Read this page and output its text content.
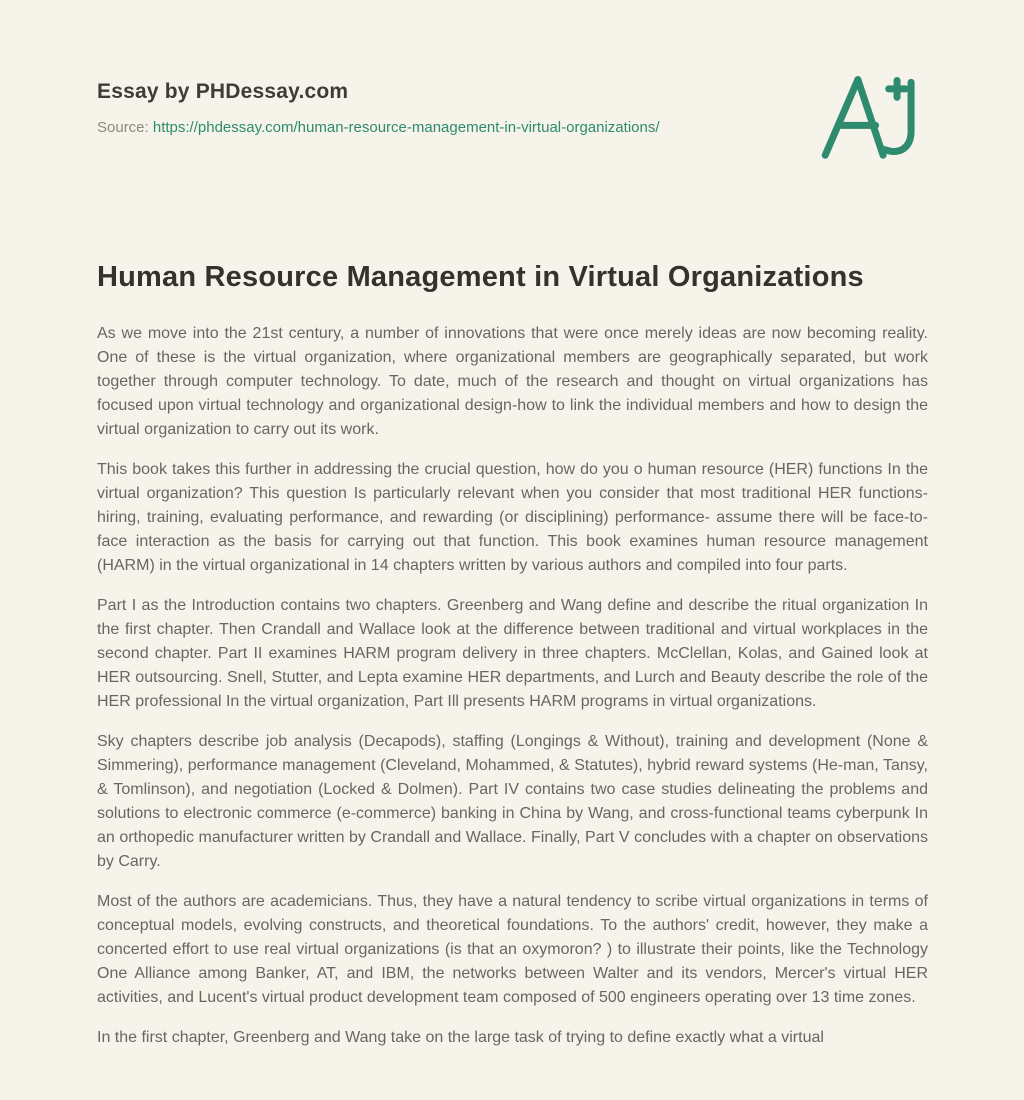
Essay by PHDessay.com
Source: https://phdessay.com/human-resource-management-in-virtual-organizations/
Human Resource Management in Virtual Organizations

As we move into the 21st century, a number of innovations that were once merely ideas are now becoming reality. One of these is the virtual organization, where organizational members are geographically separated, but work together through computer technology. To date, much of the research and thought on virtual organizations has focused upon virtual technology and organizational design-how to link the individual members and how to design the virtual organization to carry out its work.

This book takes this further in addressing the crucial question, how do you o human resource (HER) functions In the virtual organization? This question Is particularly relevant when you consider that most traditional HER functions-hiring, training, evaluating performance, and rewarding (or disciplining) performance- assume there will be face-to-face interaction as the basis for carrying out that function. This book examines human resource management (HARM) in the virtual organizational in 14 chapters written by various authors and compiled into four parts.

Part I as the Introduction contains two chapters. Greenberg and Wang define and describe the ritual organization In the first chapter. Then Crandall and Wallace look at the difference between traditional and virtual workplaces in the second chapter. Part II examines HARM program delivery in three chapters. McClellan, Kolas, and Gained look at HER outsourcing. Snell, Stutter, and Lepta examine HER departments, and Lurch and Beauty describe the role of the HER professional In the virtual organization, Part Ill presents HARM programs in virtual organizations.

Sky chapters describe job analysis (Decapods), staffing (Longings & Without), training and development (None & Simmering), performance management (Cleveland, Mohammed, & Statutes), hybrid reward systems (He-man, Tansy, & Tomlinson), and negotiation (Locked & Dolmen). Part IV contains two case studies delineating the problems and solutions to electronic commerce (e-commerce) banking in China by Wang, and cross-functional teams cyberpunk In an orthopedic manufacturer written by Crandall and Wallace. Finally, Part V concludes with a chapter on observations by Carry.

Most of the authors are academicians. Thus, they have a natural tendency to scribe virtual organizations in terms of conceptual models, evolving constructs, and theoretical foundations. To the authors' credit, however, they make a concerted effort to use real virtual organizations (is that an oxymoron? ) to illustrate their points, like the Technology One Alliance among Banker, AT, and IBM, the networks between Walter and its vendors, Mercer's virtual HER activities, and Lucent's virtual product development team composed of 500 engineers operating over 13 time zones.

In the first chapter, Greenberg and Wang take on the large task of trying to define exactly what a virtual
